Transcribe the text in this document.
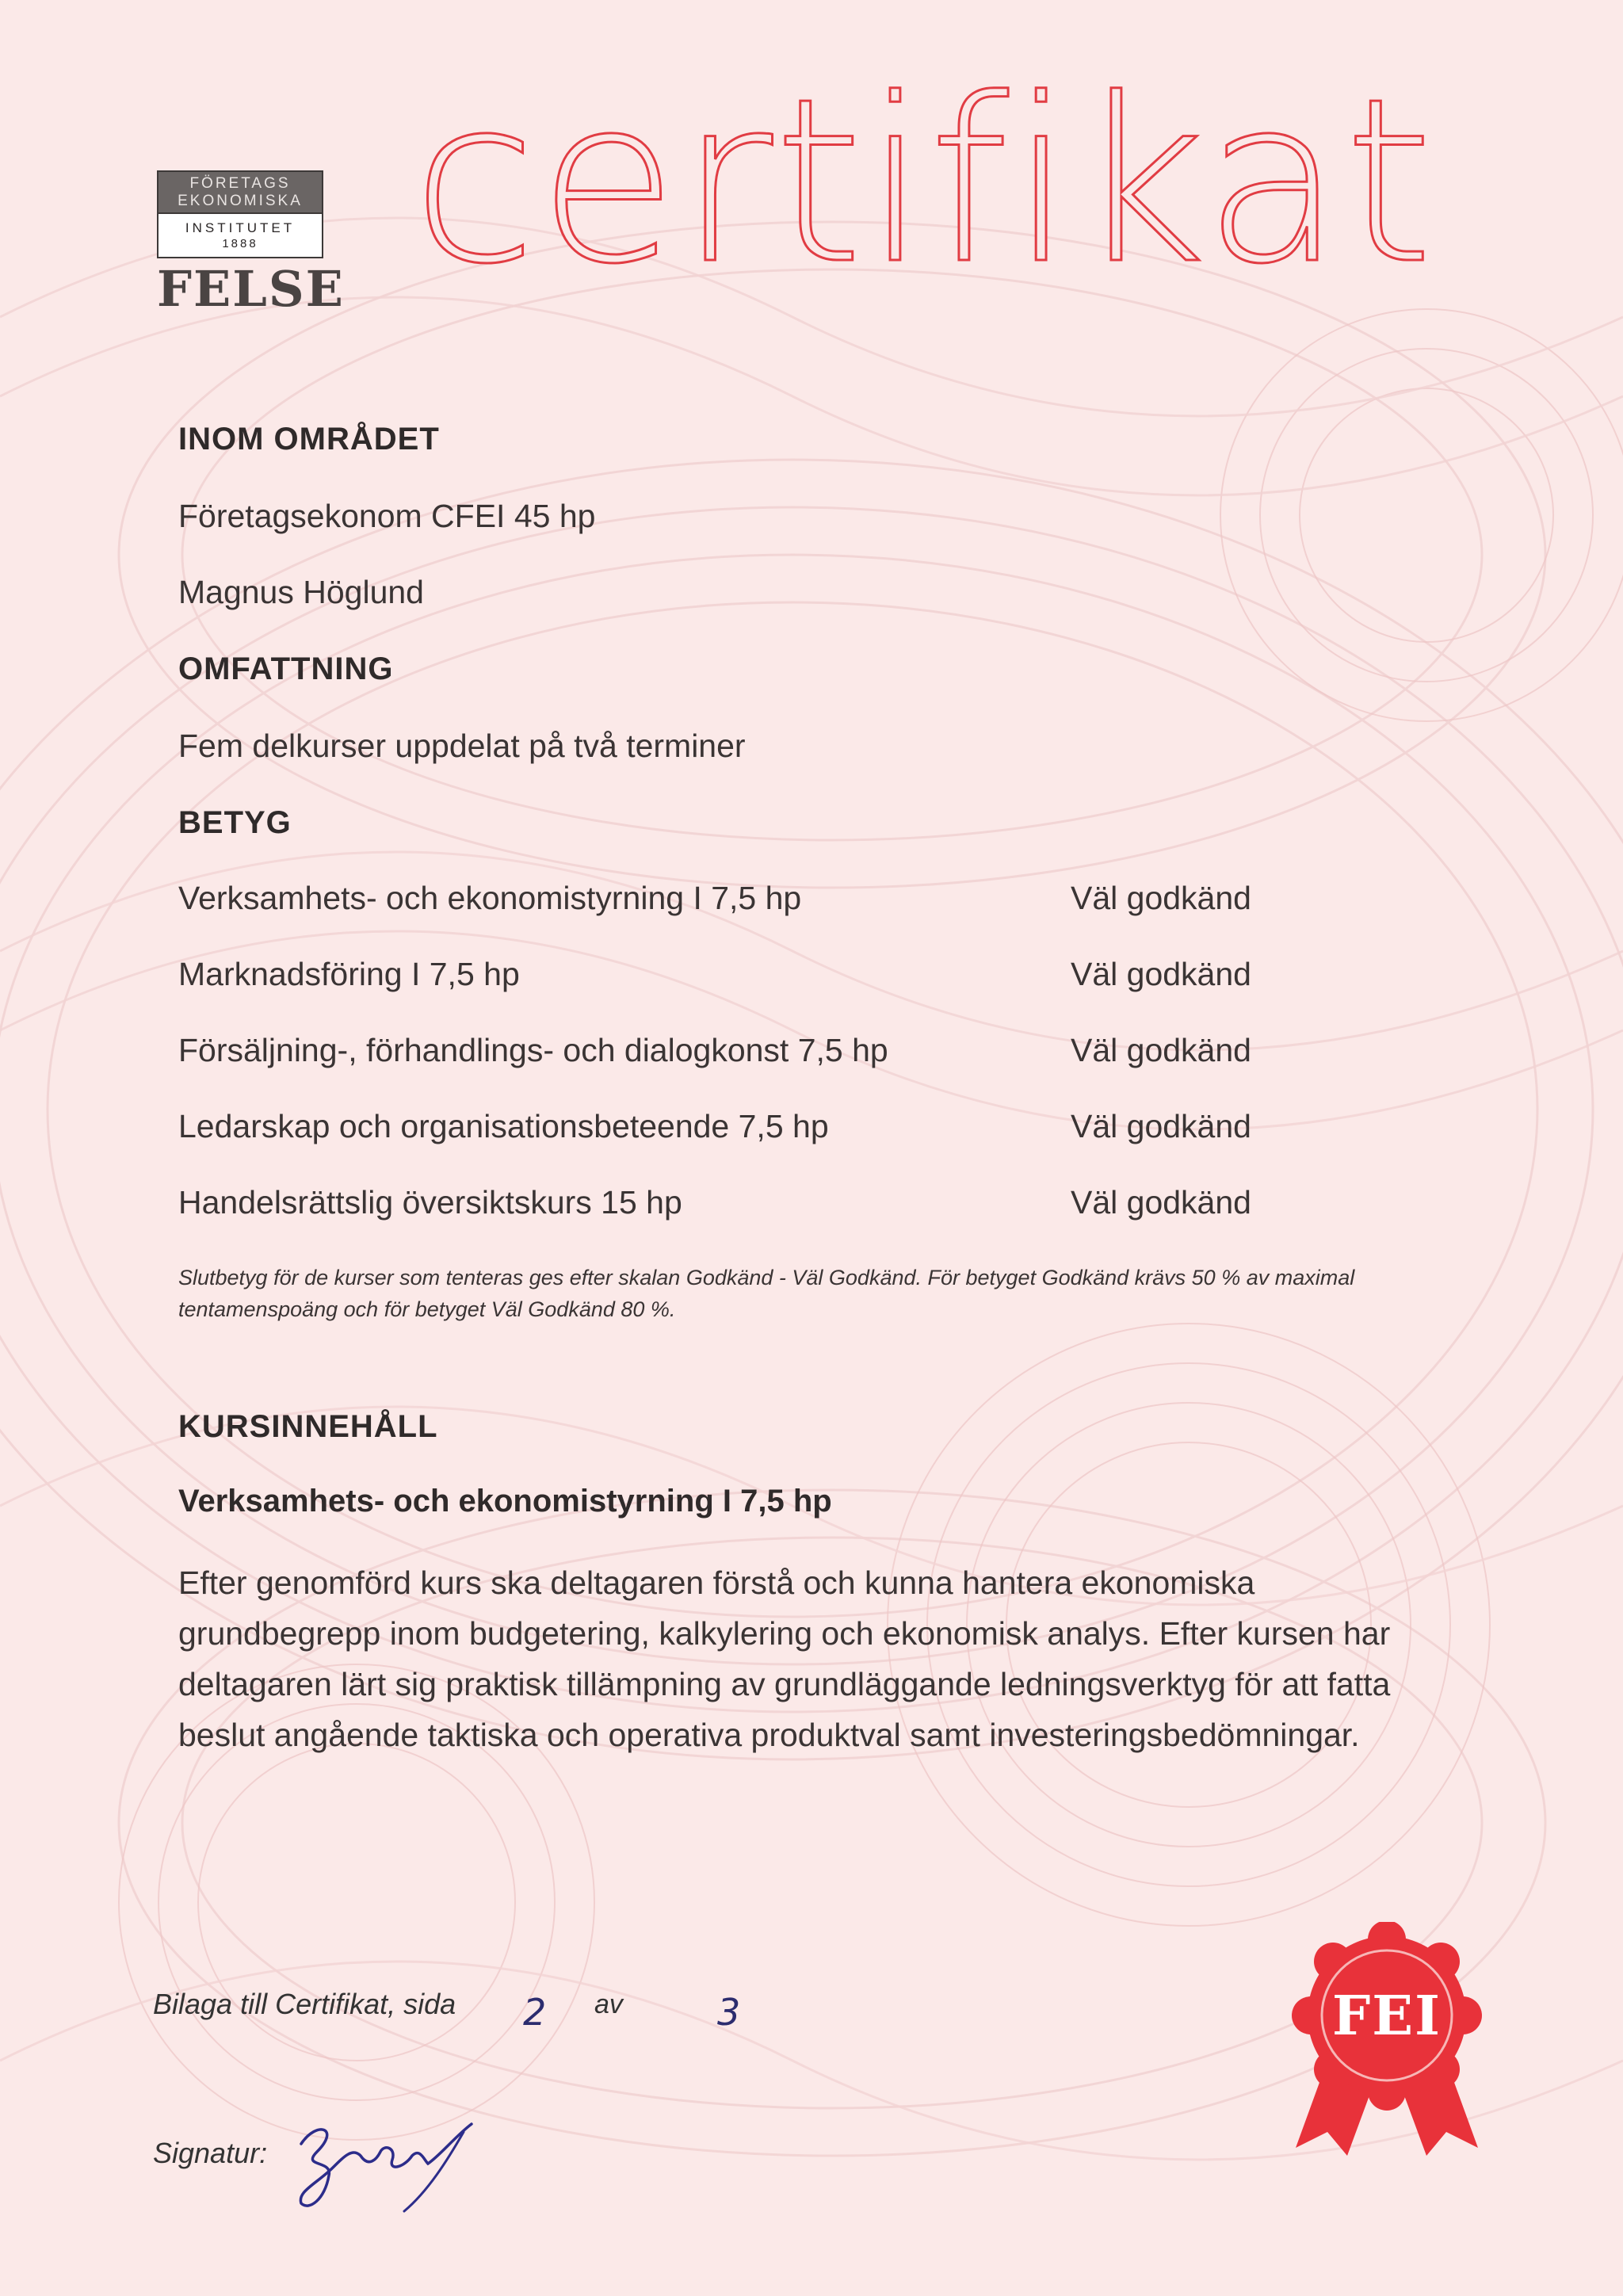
FÖRETAGS
EKONOMISKA
INSTITUTET
1888
FELSE certifikat
INOM OMRÅDET
Företagsekonom CFEI 45 hp
Magnus Höglund
OMFATTNING
Fem delkurser uppdelat på två terminer
BETYG
Verksamhets- och ekonomistyrning I 7,5 hp	Väl godkänd
Marknadsföring I 7,5 hp	Väl godkänd
Försäljning-, förhandlings- och dialogkonst 7,5 hp	Väl godkänd
Ledarskap och organisationsbeteende 7,5 hp	Väl godkänd
Handelsrättslig översiktskurs 15 hp	Väl godkänd
Slutbetyg för de kurser som tenteras ges efter skalan Godkänd - Väl Godkänd. För betyget Godkänd krävs 50 % av maximal tentamenspoäng och för betyget Väl Godkänd 80 %.
KURSINNEHÅLL
Verksamhets- och ekonomistyrning I 7,5 hp
Efter genomförd kurs ska deltagaren förstå och kunna hantera ekonomiska grundbegrepp inom budgetering, kalkylering och ekonomisk analys. Efter kursen har deltagaren lärt sig praktisk tillämpning av grundläggande ledningsverktyg för att fatta beslut angående taktiska och operativa produktval samt investeringsbedömningar.
Bilaga till Certifikat, sida 2 av	3
Signatur:
FEI
